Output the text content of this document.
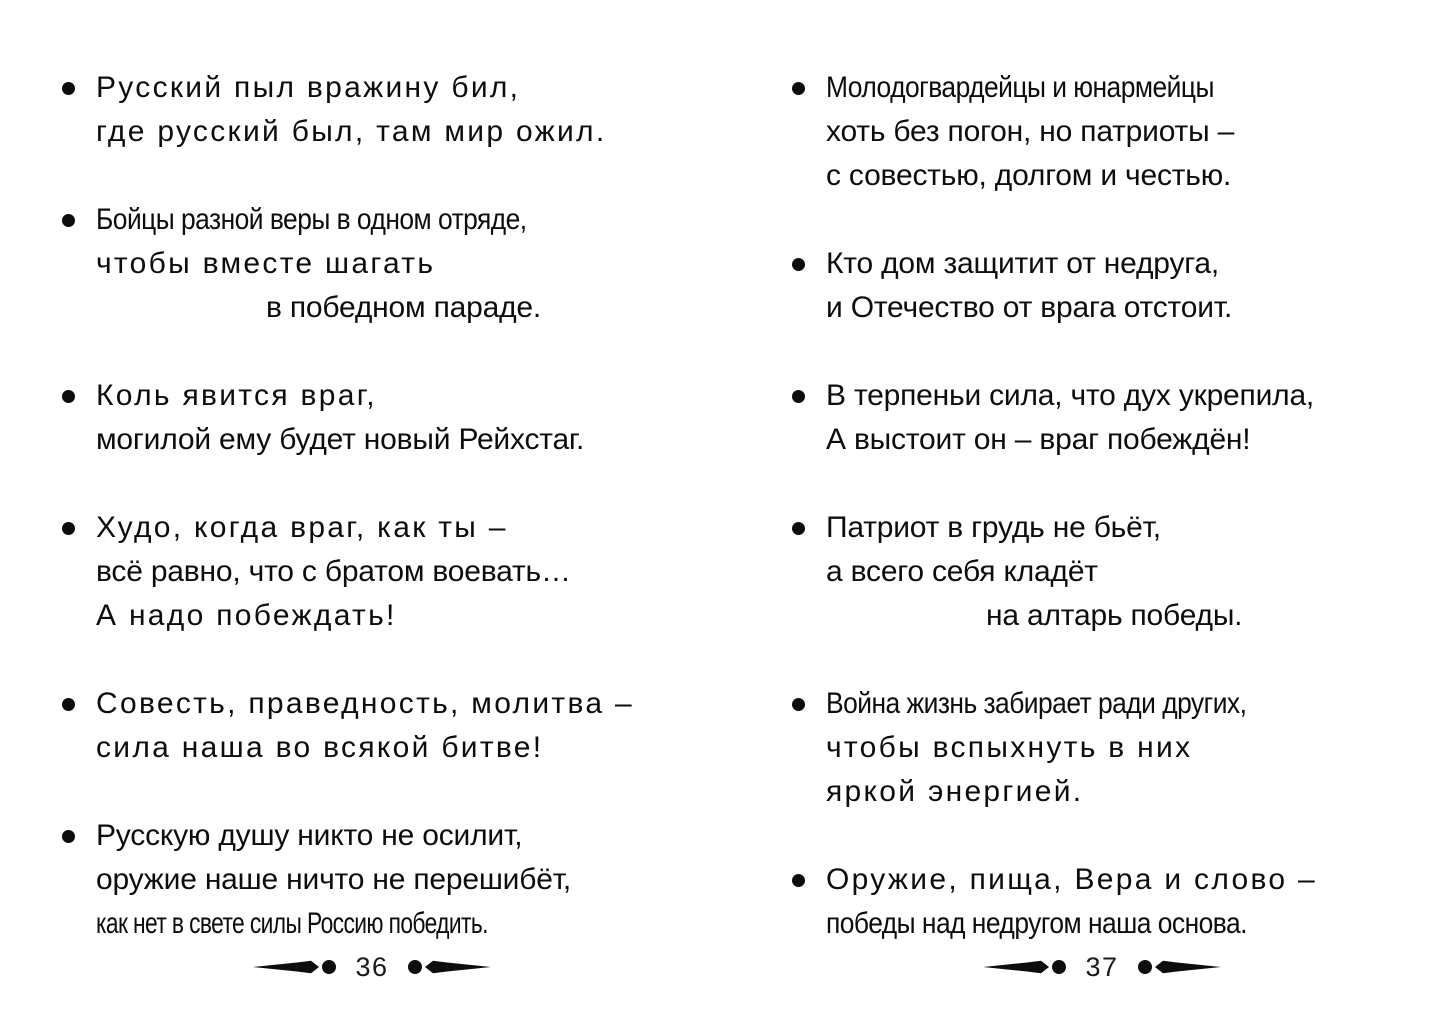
Русский пыл вражину бил,
где русский был, там мир ожил.
Бойцы разной веры в одном отряде,
чтобы вместе шагать
в победном параде.
Коль явится враг,
могилой ему будет новый Рейхстаг.
Худо, когда враг, как ты –
всё равно, что с братом воевать…
А надо побеждать!
Совесть, праведность, молитва –
сила наша во всякой битве!
Русскую душу никто не осилит,
оружие наше ничто не перешибёт,
как нет в свете силы Россию победить.
Молодогвардейцы и юнармейцы
хоть без погон, но патриоты –
с совестью, долгом и честью.
Кто дом защитит от недруга,
и Отечество от врага отстоит.
В терпеньи сила, что дух укрепила,
А выстоит он – враг побеждён!
Патриот в грудь не бьёт,
а всего себя кладёт
на алтарь победы.
Война жизнь забирает ради других,
чтобы вспыхнуть в них
яркой энергией.
Оружие, пища, Вера и слово –
победы над недругом наша основа.
36	37
